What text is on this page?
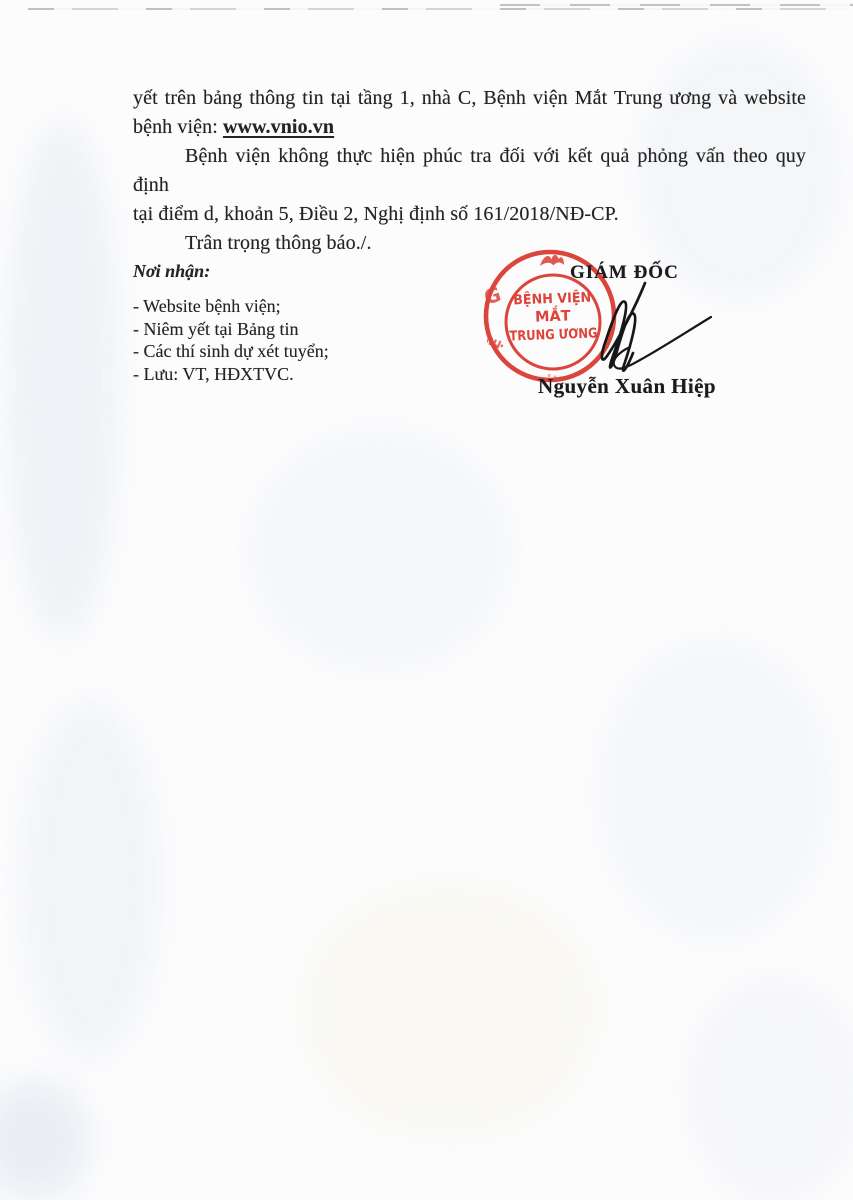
yết trên bảng thông tin tại tầng 1, nhà C, Bệnh viện Mắt Trung ương và website
bệnh viện: www.vnio.vn
Bệnh viện không thực hiện phúc tra đối với kết quả phỏng vấn theo quy định
tại điểm d, khoản 5, Điều 2, Nghị định số 161/2018/NĐ-CP.
Trân trọng thông báo./.
Nơi nhận:
- Website bệnh viện;
- Niêm yết tại Bảng tin
- Các thí sinh dự xét tuyển;
- Lưu: VT, HĐXTVC.
G
Ệ
BỆNH VIỆN
MẮT
TRUNG ƯƠNG
GIÁM ĐỐC
Nguyễn Xuân Hiệp
